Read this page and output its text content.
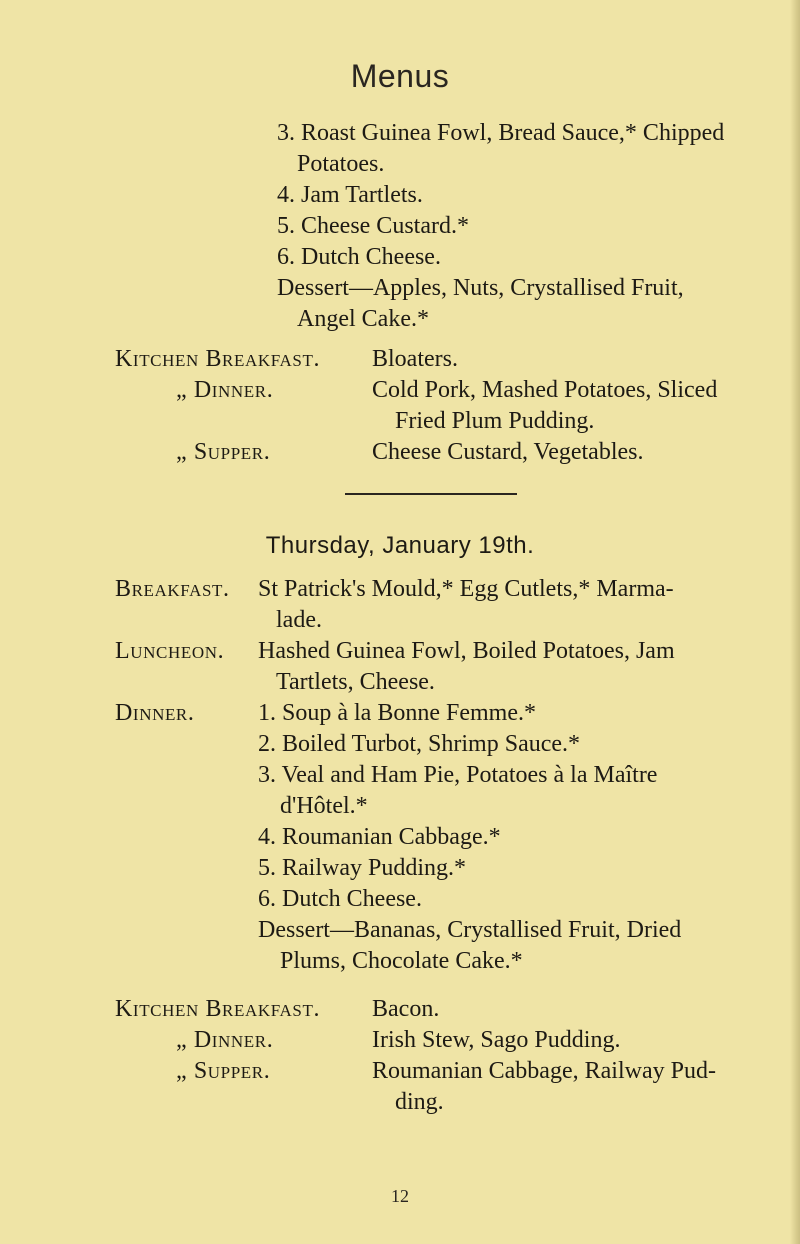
Menus
3. Roast Guinea Fowl, Bread Sauce,* Chipped
Potatoes.
4. Jam Tartlets.
5. Cheese Custard.*
6. Dutch Cheese.
Dessert—Apples, Nuts, Crystallised Fruit,
Angel Cake.*
Kitchen Breakfast. Bloaters.
„ Dinner.	Cold Pork, Mashed Potatoes, Sliced
Fried Plum Pudding.
„ Supper.	Cheese Custard, Vegetables.
Thursday, January 19th.
Breakfast. St Patrick's Mould,* Egg Cutlets,* Marma-
lade.
Luncheon. Hashed Guinea Fowl, Boiled Potatoes, Jam
Tartlets, Cheese.
Dinner.	1. Soup à la Bonne Femme.*
2. Boiled Turbot, Shrimp Sauce.*
3. Veal and Ham Pie, Potatoes à la Maître
d'Hôtel.*
4. Roumanian Cabbage.*
5. Railway Pudding.*
6. Dutch Cheese.
Dessert—Bananas, Crystallised Fruit, Dried
Plums, Chocolate Cake.*
Kitchen Breakfast. Bacon.
„ Dinner.	Irish Stew, Sago Pudding.
„ Supper.	Roumanian Cabbage, Railway Pud-
ding.
12
